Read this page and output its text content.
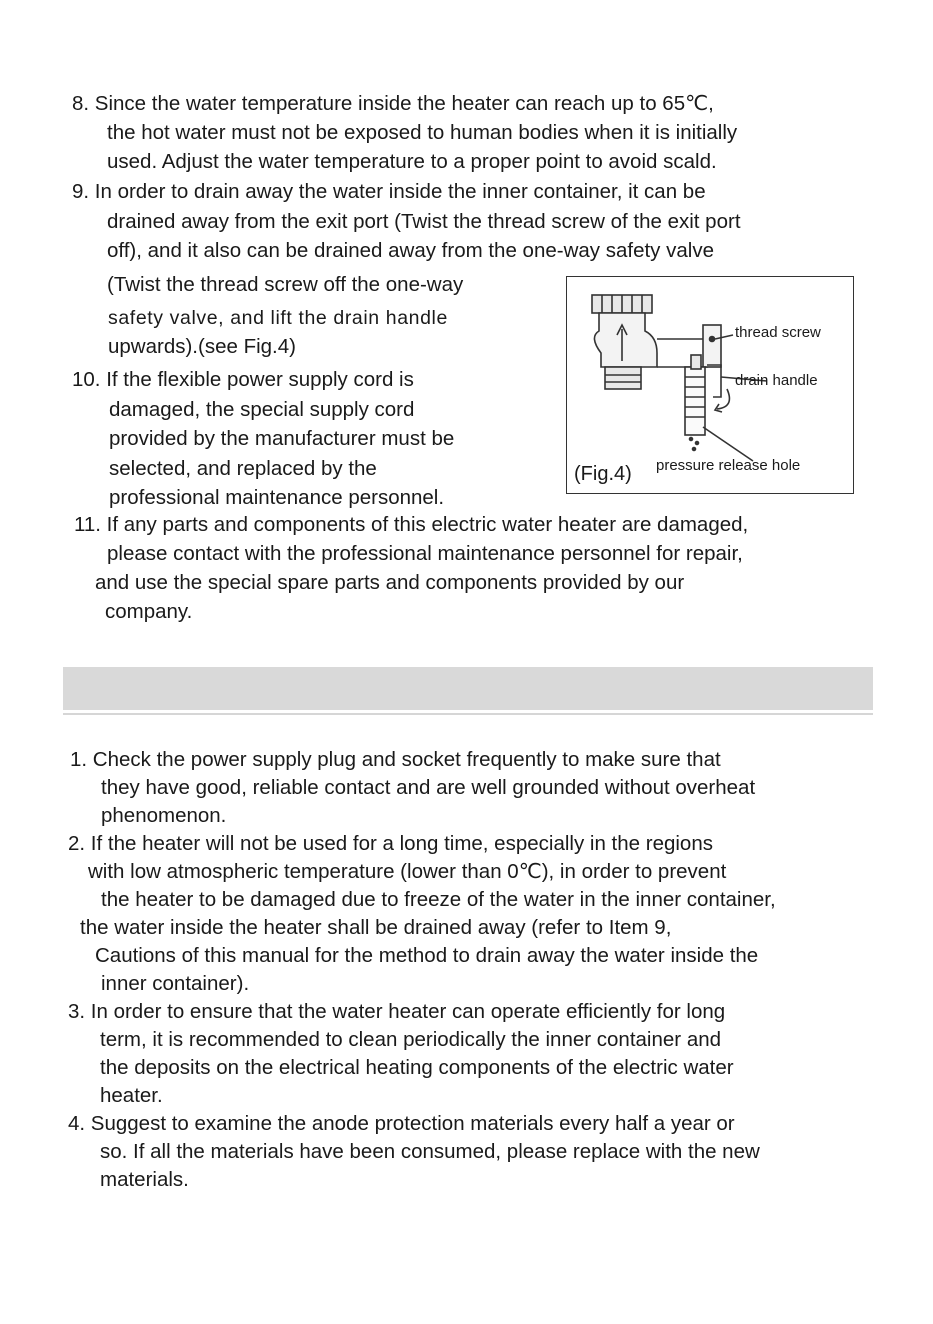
8. Since the water temperature inside the heater can reach up to 65℃,
the hot water must not be exposed to human bodies when it is initially
used. Adjust the water temperature to a proper point to avoid scald.
9. In order to drain away the water inside the inner container, it can be
drained away from the exit port (Twist the thread screw of the exit port
off), and it also can be drained away from the one-way safety valve
(Twist the thread screw off the one-way
safety valve, and lift the drain handle
upwards).(see Fig.4)
10. If the flexible power supply cord is
damaged, the special supply cord
provided by the manufacturer must be
selected, and replaced by the
professional maintenance personnel.
11. If any parts and components of this electric water heater are damaged,
please contact with the professional maintenance personnel for repair,
and use the special spare parts and components provided by our
company.
thread screw
drain handle
pressure release hole
(Fig.4)
1. Check the power supply plug and socket frequently to make sure that
they have good, reliable contact and are well grounded without overheat
phenomenon.
2. If the heater will not be used for a long time, especially in the regions
with low atmospheric temperature (lower than 0℃), in order to prevent
the heater to be damaged due to freeze of the water in the inner container,
the water inside the heater shall be drained away (refer to Item 9,
Cautions of this manual for the method to drain away the water inside the
inner container).
3. In order to ensure that the water heater can operate efficiently for long
term, it is recommended to clean periodically the inner container and
the deposits on the electrical heating components of the electric water
heater.
4. Suggest to examine the anode protection materials every half a year or
so. If all the materials have been consumed, please replace with the new
materials.
